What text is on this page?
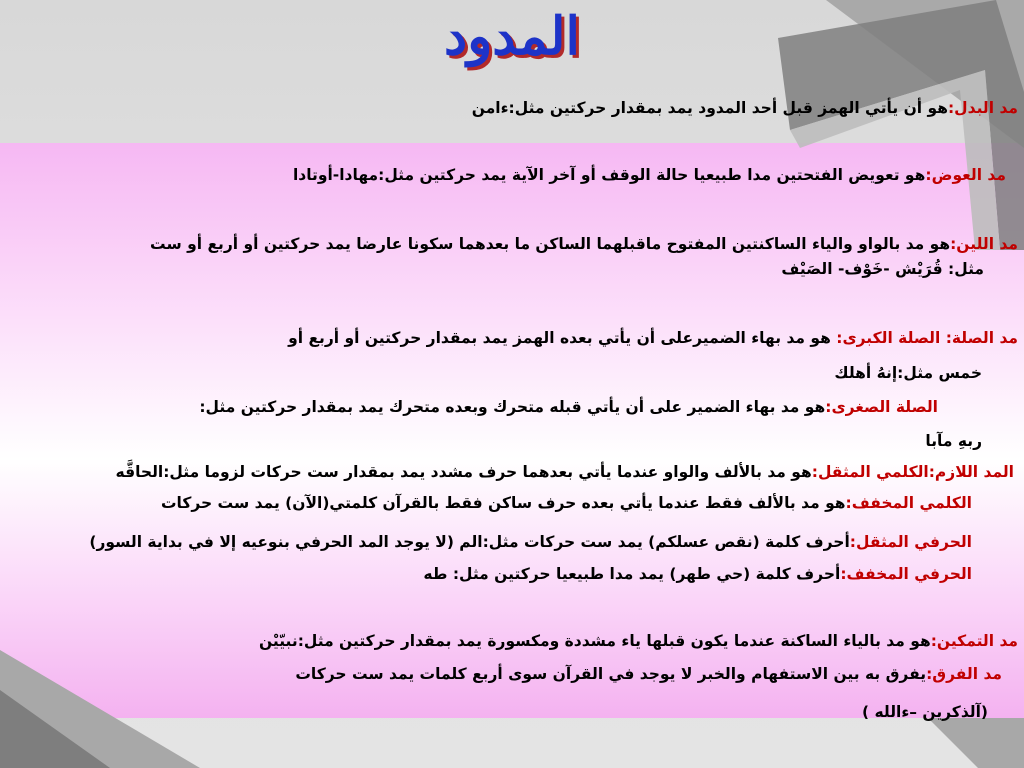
المدود
مد البدل:هو أن يأتي الهمز قبل أحد المدود يمد بمقدار حركتين مثل:ءامن
مد العوض:هو تعويض الفتحتين مدا طبيعيا حالة الوقف أو آخر الآية يمد حركتين مثل:مهادا-أوتادا
مد اللين:هو مد بالواو والياء الساكنتين المفتوح ماقبلهما الساكن ما بعدهما سكونا عارضا يمد حركتين أو أربع أو ست
مثل: قُرَيْش -خَوْف- الصَيْف
مد الصلة: الصلة الكبرى: هو مد بهاء الضميرعلى أن يأتي بعده الهمز يمد بمقدار حركتين أو أربع أو
خمس مثل:إنهُ أهلك
الصلة الصغرى:هو مد بهاء الضمير على أن يأتي قبله متحرك وبعده متحرك يمد بمقدار حركتين مثل:
ربهِ مآبا
المد اللازم:الكلمي المثقل:هو مد بالألف والواو عندما يأتي بعدهما حرف مشدد يمد بمقدار ست حركات لزوما مثل:الحاقَّه
الكلمي المخفف:هو مد بالألف فقط عندما يأتي بعده حرف ساكن فقط بالقرآن كلمتي(الآن) يمد ست حركات
الحرفي المثقل:أحرف كلمة (نقص عسلكم) يمد ست حركات مثل:الم (لا يوجد المد الحرفي بنوعيه إلا في بداية السور)
الحرفي المخفف:أحرف كلمة (حي طهر) يمد مدا طبيعيا حركتين مثل: طه
مد التمكين:هو مد بالياء الساكنة عندما يكون قبلها ياء مشددة ومكسورة يمد بمقدار حركتين مثل:نبيّيْن
مد الفرق:يفرق به بين الاستفهام والخبر لا يوجد في القرآن سوى أربع كلمات يمد ست حركات
(آلذكرين –ءالله )
